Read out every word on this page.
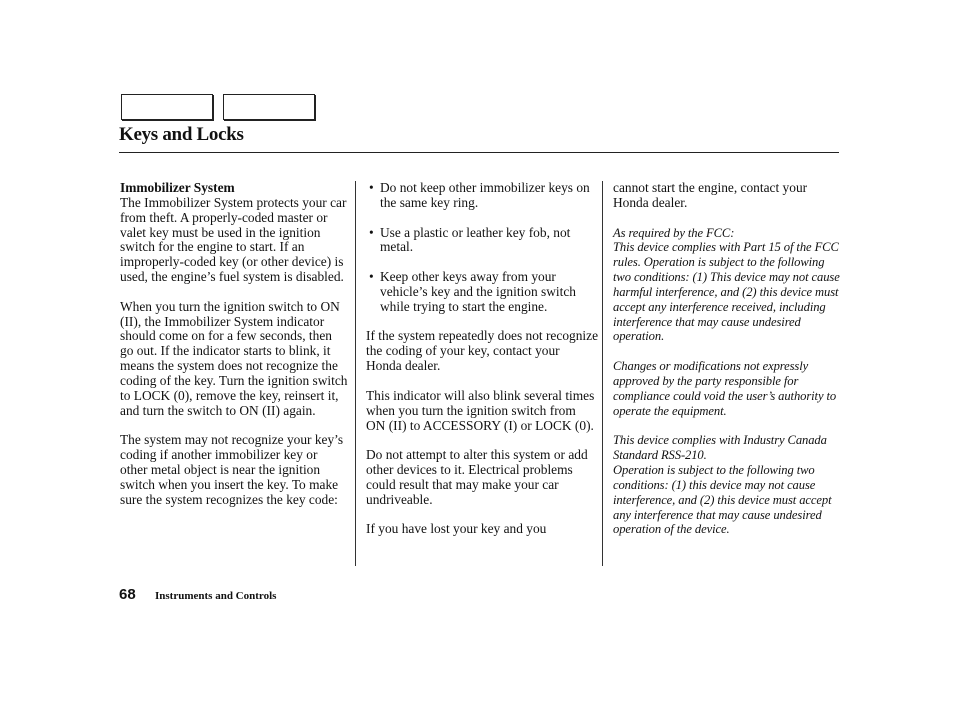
Keys and Locks

Immobilizer System
The Immobilizer System protects your car from theft. A properly-coded master or valet key must be used in the ignition switch for the engine to start. If an improperly-coded key (or other device) is used, the engine’s fuel system is disabled.

When you turn the ignition switch to ON (II), the Immobilizer System indicator should come on for a few seconds, then go out. If the indicator starts to blink, it means the system does not recognize the coding of the key. Turn the ignition switch to LOCK (0), remove the key, reinsert it, and turn the switch to ON (II) again.

The system may not recognize your key’s coding if another immobilizer key or other metal object is near the ignition switch when you insert the key. To make sure the system recognizes the key code:

• Do not keep other immobilizer keys on the same key ring.
• Use a plastic or leather key fob, not metal.
• Keep other keys away from your vehicle’s key and the ignition switch while trying to start the engine.

If the system repeatedly does not recognize the coding of your key, contact your Honda dealer.

This indicator will also blink several times when you turn the ignition switch from ON (II) to ACCESSORY (I) or LOCK (0).

Do not attempt to alter this system or add other devices to it. Electrical problems could result that may make your car undriveable.

If you have lost your key and you

cannot start the engine, contact your Honda dealer.

As required by the FCC:

This device complies with Part 15 of the FCC rules. Operation is subject to the following two conditions: (1) This device may not cause harmful interference, and (2) this device must accept any interference received, including interference that may cause undesired operation.

Changes or modifications not expressly approved by the party responsible for compliance could void the user’s authority to operate the equipment.

This device complies with Industry Canada Standard RSS-210.

Operation is subject to the following two conditions: (1) this device may not cause interference, and (2) this device must accept any interference that may cause undesired operation of the device.

68 Instruments and Controls
